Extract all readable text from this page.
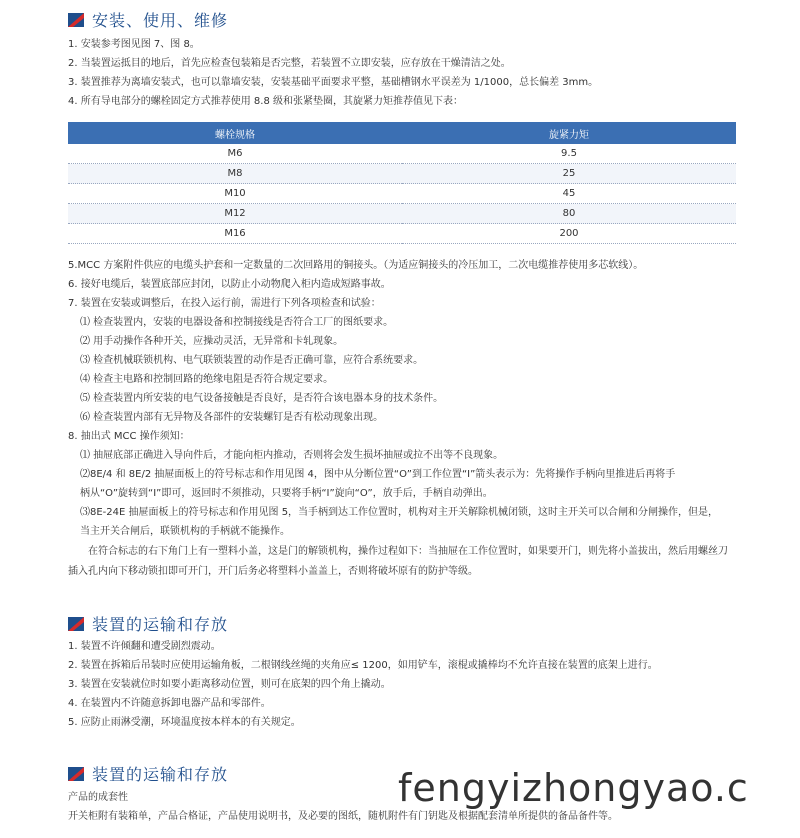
安装、使用、维修
1. 安装参考图见图 7、图 8。
2. 当装置运抵目的地后，首先应检查包装箱是否完整，若装置不立即安装，应存放在干燥清洁之处。
3. 装置推荐为离墙安装式，也可以靠墙安装，安装基础平面要求平整，基础槽钢水平误差为 1/1000，总长偏差 3mm。
4. 所有导电部分的螺栓固定方式推荐使用 8.8 级和张紧垫圈，其旋紧力矩推荐值见下表：
螺栓规格	旋紧力矩
M6	9.5
M8	25
M10	45
M12	80
M16	200
5.MCC 方案附件供应的电缆头护套和一定数量的二次回路用的铜接头。（为适应铜接头的冷压加工，二次电缆推荐使用多芯软线）。
6. 接好电缆后，装置底部应封闭，以防止小动物爬入柜内造成短路事故。
7. 装置在安装或调整后，在投入运行前，需进行下列各项检查和试验：
⑴ 检查装置内，安装的电器设备和控制接线是否符合工厂的图纸要求。
⑵ 用手动操作各种开关，应操动灵活，无异常和卡轧现象。
⑶ 检查机械联锁机构、电气联锁装置的动作是否正确可靠，应符合系统要求。
⑷ 检查主电路和控制回路的绝缘电阻是否符合规定要求。
⑸ 检查装置内所安装的电气设备接触是否良好，是否符合该电器本身的技术条件。
⑹ 检查装置内部有无异物及各部件的安装螺钉是否有松动现象出现。
8. 抽出式 MCC 操作须知：
⑴ 抽屉底部正确进入导向件后，才能向柜内推动，否则将会发生损坏抽屉或拉不出等不良现象。
⑵8E/4 和 8E/2 抽屉面板上的符号标志和作用见图 4，图中从分断位置“O”到工作位置“I”箭头表示为：先将操作手柄向里推进后再将手
柄从“O”旋转到“I”即可，返回时不须推动，只要将手柄“I”旋向“O”，放手后，手柄自动弹出。
⑶8E-24E 抽屉面板上的符号标志和作用见图 5，当手柄到达工作位置时，机构对主开关解除机械闭锁，这时主开关可以合闸和分闸操作，但是，
当主开关合闸后，联锁机构的手柄就不能操作。
在符合标志的右下角门上有一塑料小盖，这是门的解锁机构，操作过程如下：当抽屉在工作位置时，如果要开门，则先将小盖拔出，然后用螺丝刀插入孔内向下移动锁扣即可开门，开门后务必将塑料小盖盖上，否则将破坏原有的防护等级。
装置的运输和存放
1. 装置不许倾翻和遭受剧烈震动。
2. 装置在拆箱后吊装时应使用运输角板，二根钢线丝绳的夹角应≤ 1200，如用铲车，滚棍或撬棒均不允许直接在装置的底架上进行。
3. 装置在安装就位时如要小距离移动位置，则可在底架的四个角上撬动。
4. 在装置内不许随意拆卸电器产品和零部件。
5. 应防止雨淋受潮，环境温度按本样本的有关规定。
装置的运输和存放
产品的成套性
开关柜附有装箱单，产品合格证，产品使用说明书，及必要的图纸，随机附件有门钥匙及根据配套清单所提供的备品备件等。
fengyizhongyao.c
